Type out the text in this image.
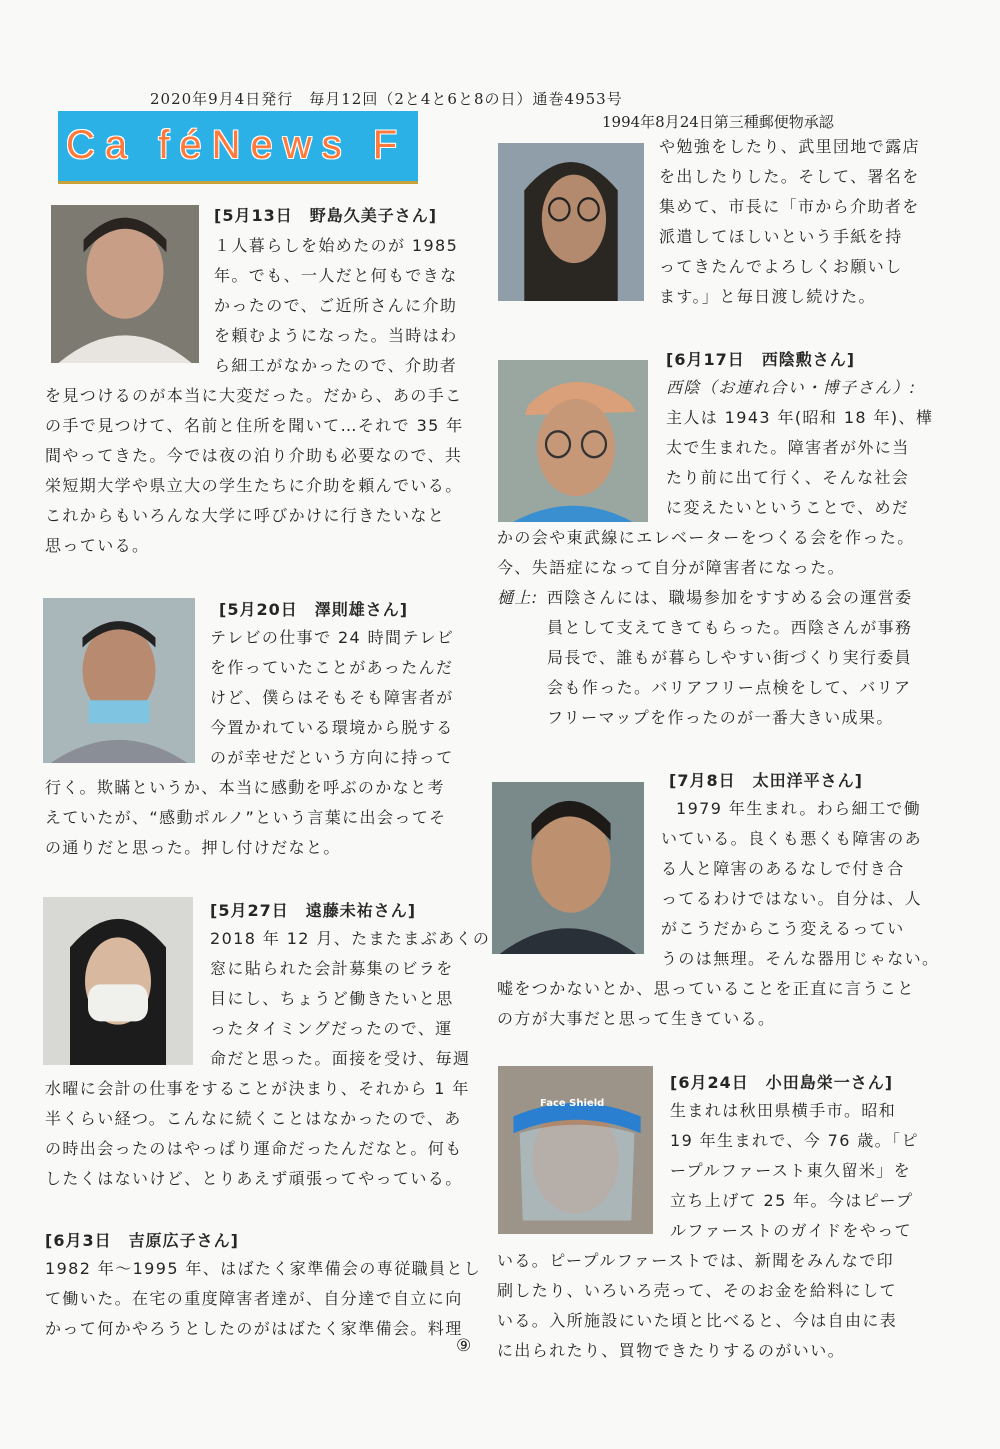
2020年9月4日発行　毎月12回（2と4と6と8の日）通巻4953号
1994年8月24日第三種郵便物承認
Ca féNews F
[5月13日　野島久美子さん]
１人暮らしを始めたのが 1985
年。でも、一人だと何もできな
かったので、ご近所さんに介助
を頼むようになった。当時はわ
ら細工がなかったので、介助者
を見つけるのが本当に大変だった。だから、あの手こ
の手で見つけて、名前と住所を聞いて…それで 35 年
間やってきた。今では夜の泊り介助も必要なので、共
栄短期大学や県立大の学生たちに介助を頼んでいる。
これからもいろんな大学に呼びかけに行きたいなと
思っている。
[5月20日　澤則雄さん]
テレビの仕事で 24 時間テレビ
を作っていたことがあったんだ
けど、僕らはそもそも障害者が
今置かれている環境から脱する
のが幸せだという方向に持って
行く。欺瞞というか、本当に感動を呼ぶのかなと考
えていたが、“感動ポルノ”という言葉に出会ってそ
の通りだと思った。押し付けだなと。
[5月27日　遠藤未祐さん]
2018 年 12 月、たまたまぶあくの
窓に貼られた会計募集のビラを
目にし、ちょうど働きたいと思
ったタイミングだったので、運
命だと思った。面接を受け、毎週
水曜に会計の仕事をすることが決まり、それから 1 年
半くらい経つ。こんなに続くことはなかったので、あ
の時出会ったのはやっぱり運命だったんだなと。何も
したくはないけど、とりあえず頑張ってやっている。
[6月3日　吉原広子さん]
1982 年～1995 年、はばたく家準備会の専従職員とし
て働いた。在宅の重度障害者達が、自分達で自立に向
かって何かやろうとしたのがはばたく家準備会。料理
⑨
や勉強をしたり、武里団地で露店
を出したりした。そして、署名を
集めて、市長に「市から介助者を
派遣してほしいという手紙を持
ってきたんでよろしくお願いし
ます。」と毎日渡し続けた。
[6月17日　西陰勲さん]
西陰（お連れ合い・博子さん）:
主人は 1943 年(昭和 18 年)、樺
太で生まれた。障害者が外に当
たり前に出て行く、そんな社会
に変えたいということで、めだ
かの会や東武線にエレベーターをつくる会を作った。
今、失語症になって自分が障害者になった。
樋上: 西陰さんには、職場参加をすすめる会の運営委
員として支えてきてもらった。西陰さんが事務
局長で、誰もが暮らしやすい街づくり実行委員
会も作った。バリアフリー点検をして、バリア
フリーマップを作ったのが一番大きい成果。
[7月8日　太田洋平さん]
1979 年生まれ。わら細工で働
いている。良くも悪くも障害のあ
る人と障害のあるなしで付き合
ってるわけではない。自分は、人
がこうだからこう変えるってい
うのは無理。そんな器用じゃない。
嘘をつかないとか、思っていることを正直に言うこと
の方が大事だと思って生きている。
Face Shield
[6月24日　小田島栄一さん]
生まれは秋田県横手市。昭和
19 年生まれで、今 76 歳。「ピ
ープルファースト東久留米」を
立ち上げて 25 年。今はピープ
ルファーストのガイドをやって
いる。ピープルファーストでは、新聞をみんなで印
刷したり、いろいろ売って、そのお金を給料にして
いる。入所施設にいた頃と比べると、今は自由に表
に出られたり、買物できたりするのがいい。
